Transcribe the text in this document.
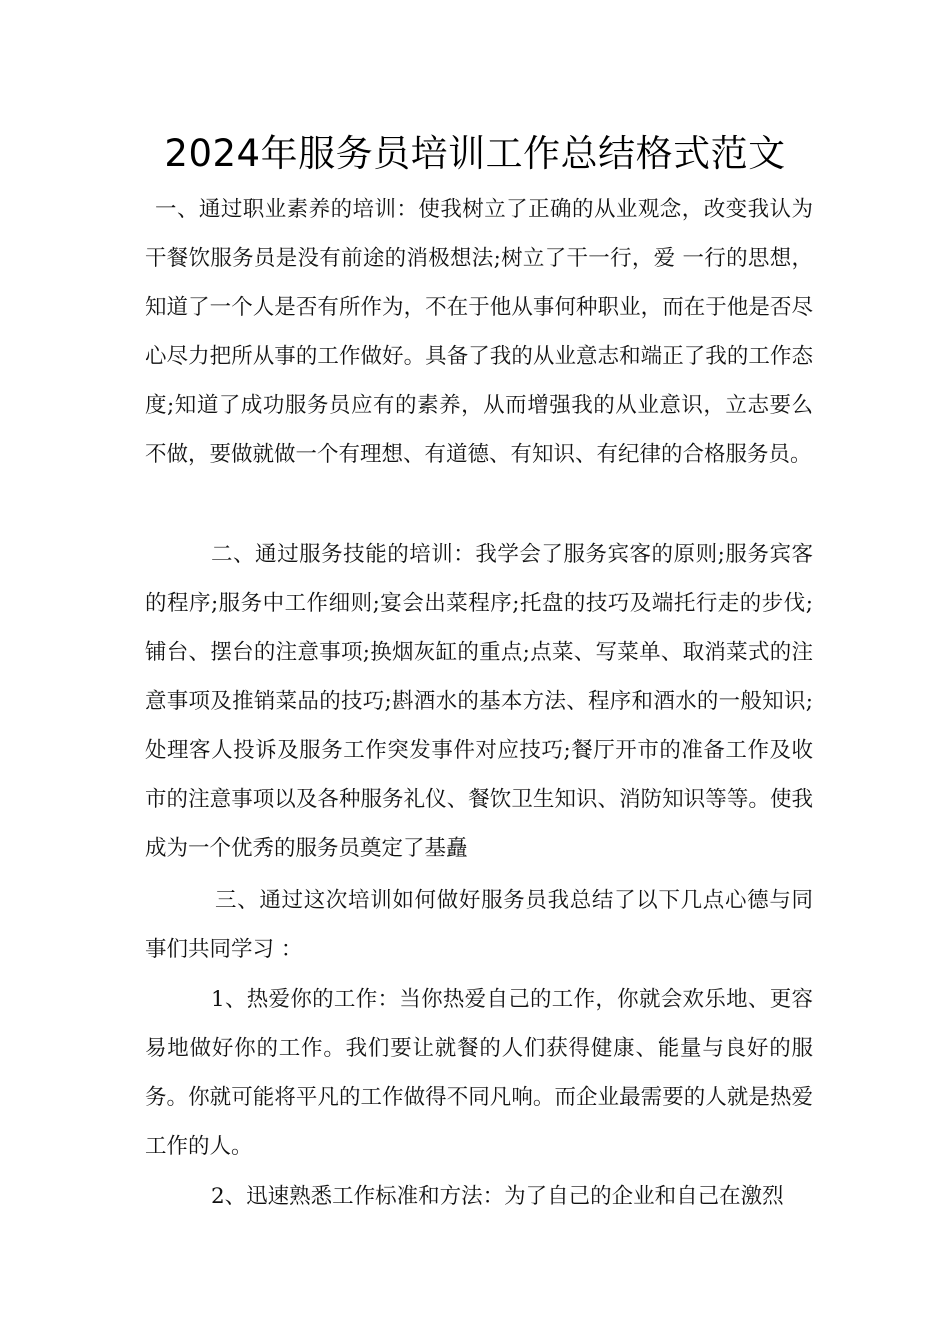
2024年服务员培训工作总结格式范文

一、通过职业素养的培训：使我树立了正确的从业观念，改变我认为干餐饮服务员是没有前途的消极想法;树立了干一行，爱 一行的思想，知道了一个人是否有所作为，不在于他从事何种职业，而在于他是否尽心尽力把所从事的工作做好。具备了我的从业意志和端正了我的工作态度;知道了成功服务员应有的素养，从而增强我的从业意识，立志要么不做，要做就做一个有理想、有道德、有知识、有纪律的合格服务员。

二、通过服务技能的培训：我学会了服务宾客的原则;服务宾客的程序;服务中工作细则;宴会出菜程序;托盘的技巧及端托行走的步伐;铺台、摆台的注意事项;换烟灰缸的重点;点菜、写菜单、取消菜式的注意事项及推销菜品的技巧;斟酒水的基本方法、程序和酒水的一般知识;处理客人投诉及服务工作突发事件对应技巧;餐厅开市的准备工作及收市的注意事项以及各种服务礼仪、餐饮卫生知识、消防知识等等。使我成为一个优秀的服务员奠定了基矗

三、通过这次培训如何做好服务员我总结了以下几点心德与同事们共同学习 ：

1、热爱你的工作：当你热爱自己的工作，你就会欢乐地、更容易地做好你的工作。我们要让就餐的人们获得健康、能量与良好的服务。你就可能将平凡的工作做得不同凡响。而企业最需要的人就是热爱工作的人。

2、迅速熟悉工作标准和方法：为了自己的企业和自己在激烈
